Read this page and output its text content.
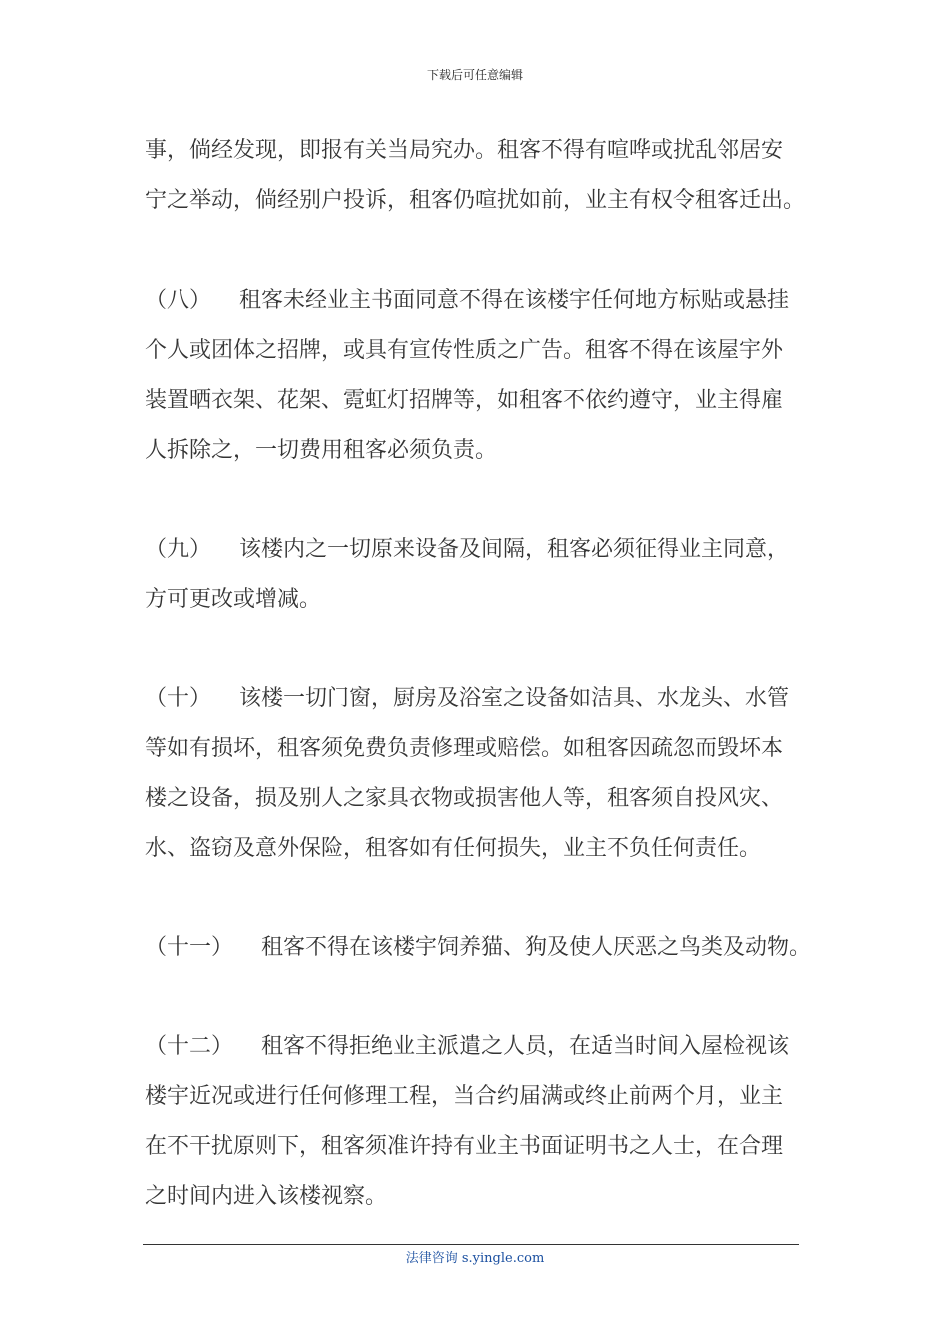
下载后可任意编辑
事，倘经发现，即报有关当局究办。租客不得有喧哗或扰乱邻居安
宁之举动，倘经别户投诉，租客仍喧扰如前，业主有权令租客迁出。
（八） 租客未经业主书面同意不得在该楼宇任何地方标贴或悬挂
个人或团体之招牌，或具有宣传性质之广告。租客不得在该屋宇外
装置晒衣架、花架、霓虹灯招牌等，如租客不依约遵守，业主得雇
人拆除之，一切费用租客必须负责。
（九） 该楼内之一切原来设备及间隔，租客必须征得业主同意，
方可更改或增减。
（十） 该楼一切门窗，厨房及浴室之设备如洁具、水龙头、水管
等如有损坏，租客须免费负责修理或赔偿。如租客因疏忽而毁坏本
楼之设备，损及别人之家具衣物或损害他人等，租客须自投风灾、
水、盗窃及意外保险，租客如有任何损失，业主不负任何责任。
（十一） 租客不得在该楼宇饲养猫、狗及使人厌恶之鸟类及动物。
（十二） 租客不得拒绝业主派遣之人员，在适当时间入屋检视该
楼宇近况或进行任何修理工程，当合约届满或终止前两个月，业主
在不干扰原则下，租客须准许持有业主书面证明书之人士，在合理
之时间内进入该楼视察。
法律咨询 s.yingle.com
